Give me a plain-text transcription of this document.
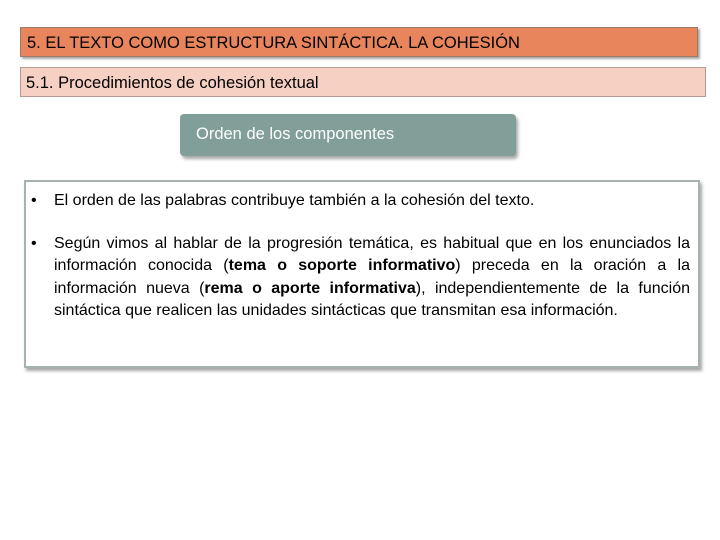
5. EL TEXTO COMO ESTRUCTURA SINTÁCTICA. LA COHESIÓN
5.1. Procedimientos de cohesión textual
Orden de los componentes
• El orden de las palabras contribuye también a la cohesión del texto.
• Según vimos al hablar de la progresión temática, es habitual que en los enunciados la información conocida (tema o soporte informativo) preceda en la oración a la información nueva (rema o aporte informativa), independientemente de la función sintáctica que realicen las unidades sintácticas que transmitan esa información.
